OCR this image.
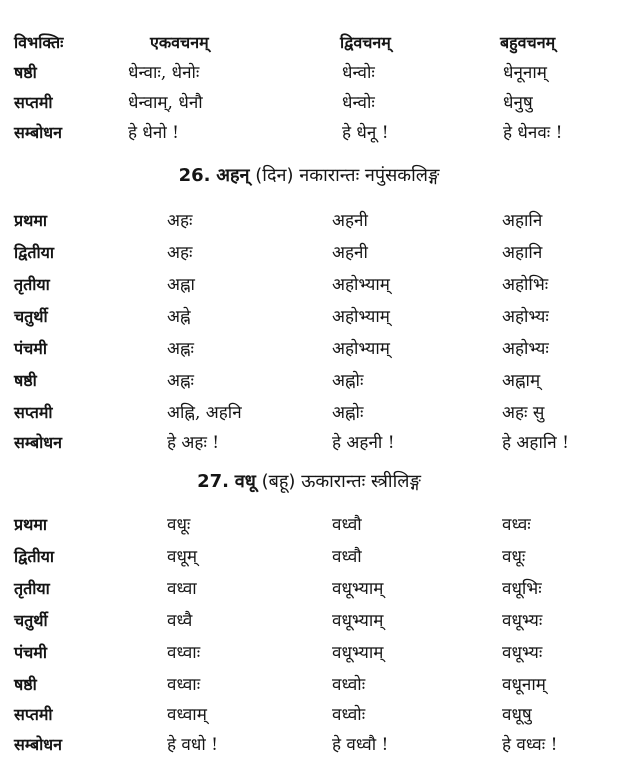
विभक्तिः	एकवचनम्	द्विवचनम्	बहुवचनम्
षष्ठी	धेन्वाः, धेनोः	धेन्वोः	धेनूनाम्
सप्तमी	धेन्वाम्, धेनौ	धेन्वोः	धेनुषु
सम्बोधन	हे धेनो !	हे धेनू !	हे धेनवः !
26. अहन् (दिन) नकारान्तः नपुंसकलिङ्ग
प्रथमा	अहः	अहनी	अहानि
द्वितीया	अहः	अहनी	अहानि
तृतीया	अह्ना	अहोभ्याम्	अहोभिः
चतुर्थी	अह्ने	अहोभ्याम्	अहोभ्यः
पंचमी	अह्नः	अहोभ्याम्	अहोभ्यः
षष्ठी	अह्नः	अह्नोः	अह्नाम्
सप्तमी	अह्नि, अहनि	अह्नोः	अहः सु
सम्बोधन	हे अहः !	हे अहनी !	हे अहानि !
27. वधू (बहू) ऊकारान्तः स्त्रीलिङ्ग
प्रथमा	वधूः	वध्वौ	वध्वः
द्वितीया	वधूम्	वध्वौ	वधूः
तृतीया	वध्वा	वधूभ्याम्	वधूभिः
चतुर्थी	वध्वै	वधूभ्याम्	वधूभ्यः
पंचमी	वध्वाः	वधूभ्याम्	वधूभ्यः
षष्ठी	वध्वाः	वध्वोः	वधूनाम्
सप्तमी	वध्वाम्	वध्वोः	वधूषु
सम्बोधन	हे वधो !	हे वध्वौ !	हे वध्वः !
